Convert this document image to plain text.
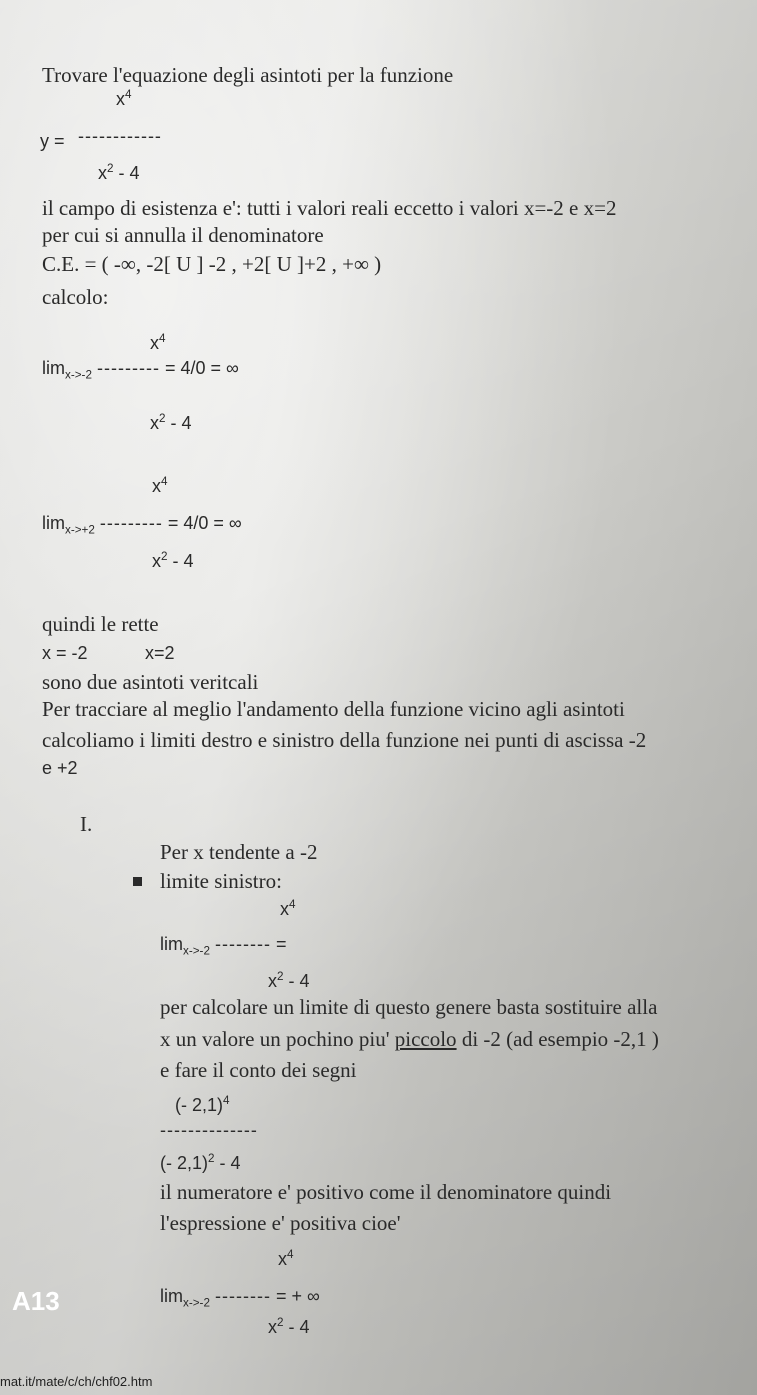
Trovare l'equazione degli asintoti per la funzione
$x^4$
y = ------------
$x^2 - 4$
il campo di esistenza e': tutti i valori reali eccetto i valori x=-2 e x=2
per cui si annulla il denominatore
C.E. = ( -∞, -2[ U ] -2 , +2[ U ]+2 , +∞ )
calcolo:
$x^4$
$\lim_{x->-2}$ --------- = 4/0 = ∞
$x^2 - 4$
$x^4$
$\lim_{x->+2}$ --------- = 4/0 = ∞
$x^2 - 4$
quindi le rette
x = -2	x=2
sono due asintoti veritcali
Per tracciare al meglio l'andamento della funzione vicino agli asintoti
calcoliamo i limiti destro e sinistro della funzione nei punti di ascissa -2
e +2
I.
Per x tendente a -2
limite sinistro:
$x^4$
$\lim_{x->-2}$ -------- =
$x^2 - 4$
per calcolare un limite di questo genere basta sostituire alla
x un valore un pochino piu' piccolo di -2 (ad esempio -2,1 )
e fare il conto dei segni
(- 2,1)$^4$
--------------
(- 2,1)$^2$ - 4
il numeratore e' positivo come il denominatore quindi
l'espressione e' positiva cioe'
$x^4$
$\lim_{x->-2}$ -------- = + ∞
$x^2 - 4$
A13
mat.it/mate/c/ch/chf02.htm
